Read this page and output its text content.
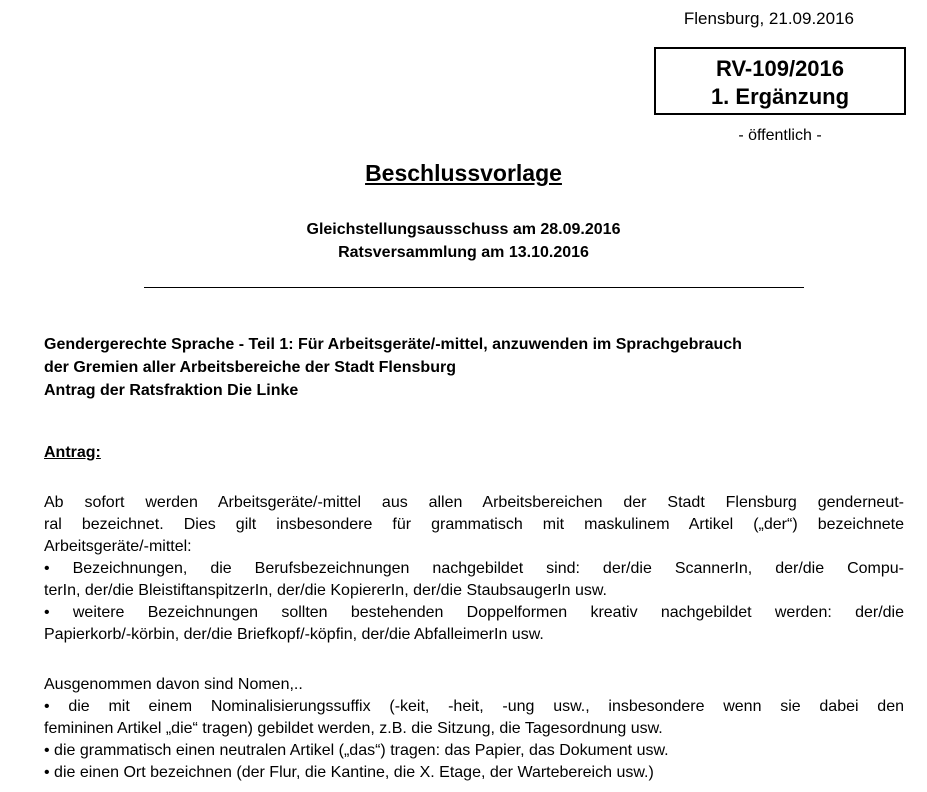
Flensburg, 21.09.2016
RV-109/2016
1. Ergänzung
- öffentlich -
Beschlussvorlage
Gleichstellungsausschuss am 28.09.2016
Ratsversammlung am 13.10.2016
Gendergerechte Sprache - Teil 1: Für Arbeitsgeräte/-mittel, anzuwenden im Sprachgebrauch
der Gremien aller Arbeitsbereiche der Stadt Flensburg
Antrag der Ratsfraktion Die Linke
Antrag:
Ab sofort werden Arbeitsgeräte/-mittel aus allen Arbeitsbereichen der Stadt Flensburg genderneut-
ral bezeichnet. Dies gilt insbesondere für grammatisch mit maskulinem Artikel („der“) bezeichnete
Arbeitsgeräte/-mittel:
• Bezeichnungen, die Berufsbezeichnungen nachgebildet sind: der/die ScannerIn, der/die Compu-
terIn, der/die BleistiftanspitzerIn, der/die KopiererIn, der/die StaubsaugerIn usw.
• weitere Bezeichnungen sollten bestehenden Doppelformen kreativ nachgebildet werden: der/die
Papierkorb/-körbin, der/die Briefkopf/-köpfin, der/die AbfalleimerIn usw.
Ausgenommen davon sind Nomen,..
• die mit einem Nominalisierungssuffix (-keit, -heit, -ung usw., insbesondere wenn sie dabei den
femininen Artikel „die“ tragen) gebildet werden, z.B. die Sitzung, die Tagesordnung usw.
• die grammatisch einen neutralen Artikel („das“) tragen: das Papier, das Dokument usw.
• die einen Ort bezeichnen (der Flur, die Kantine, die X. Etage, der Wartebereich usw.)
